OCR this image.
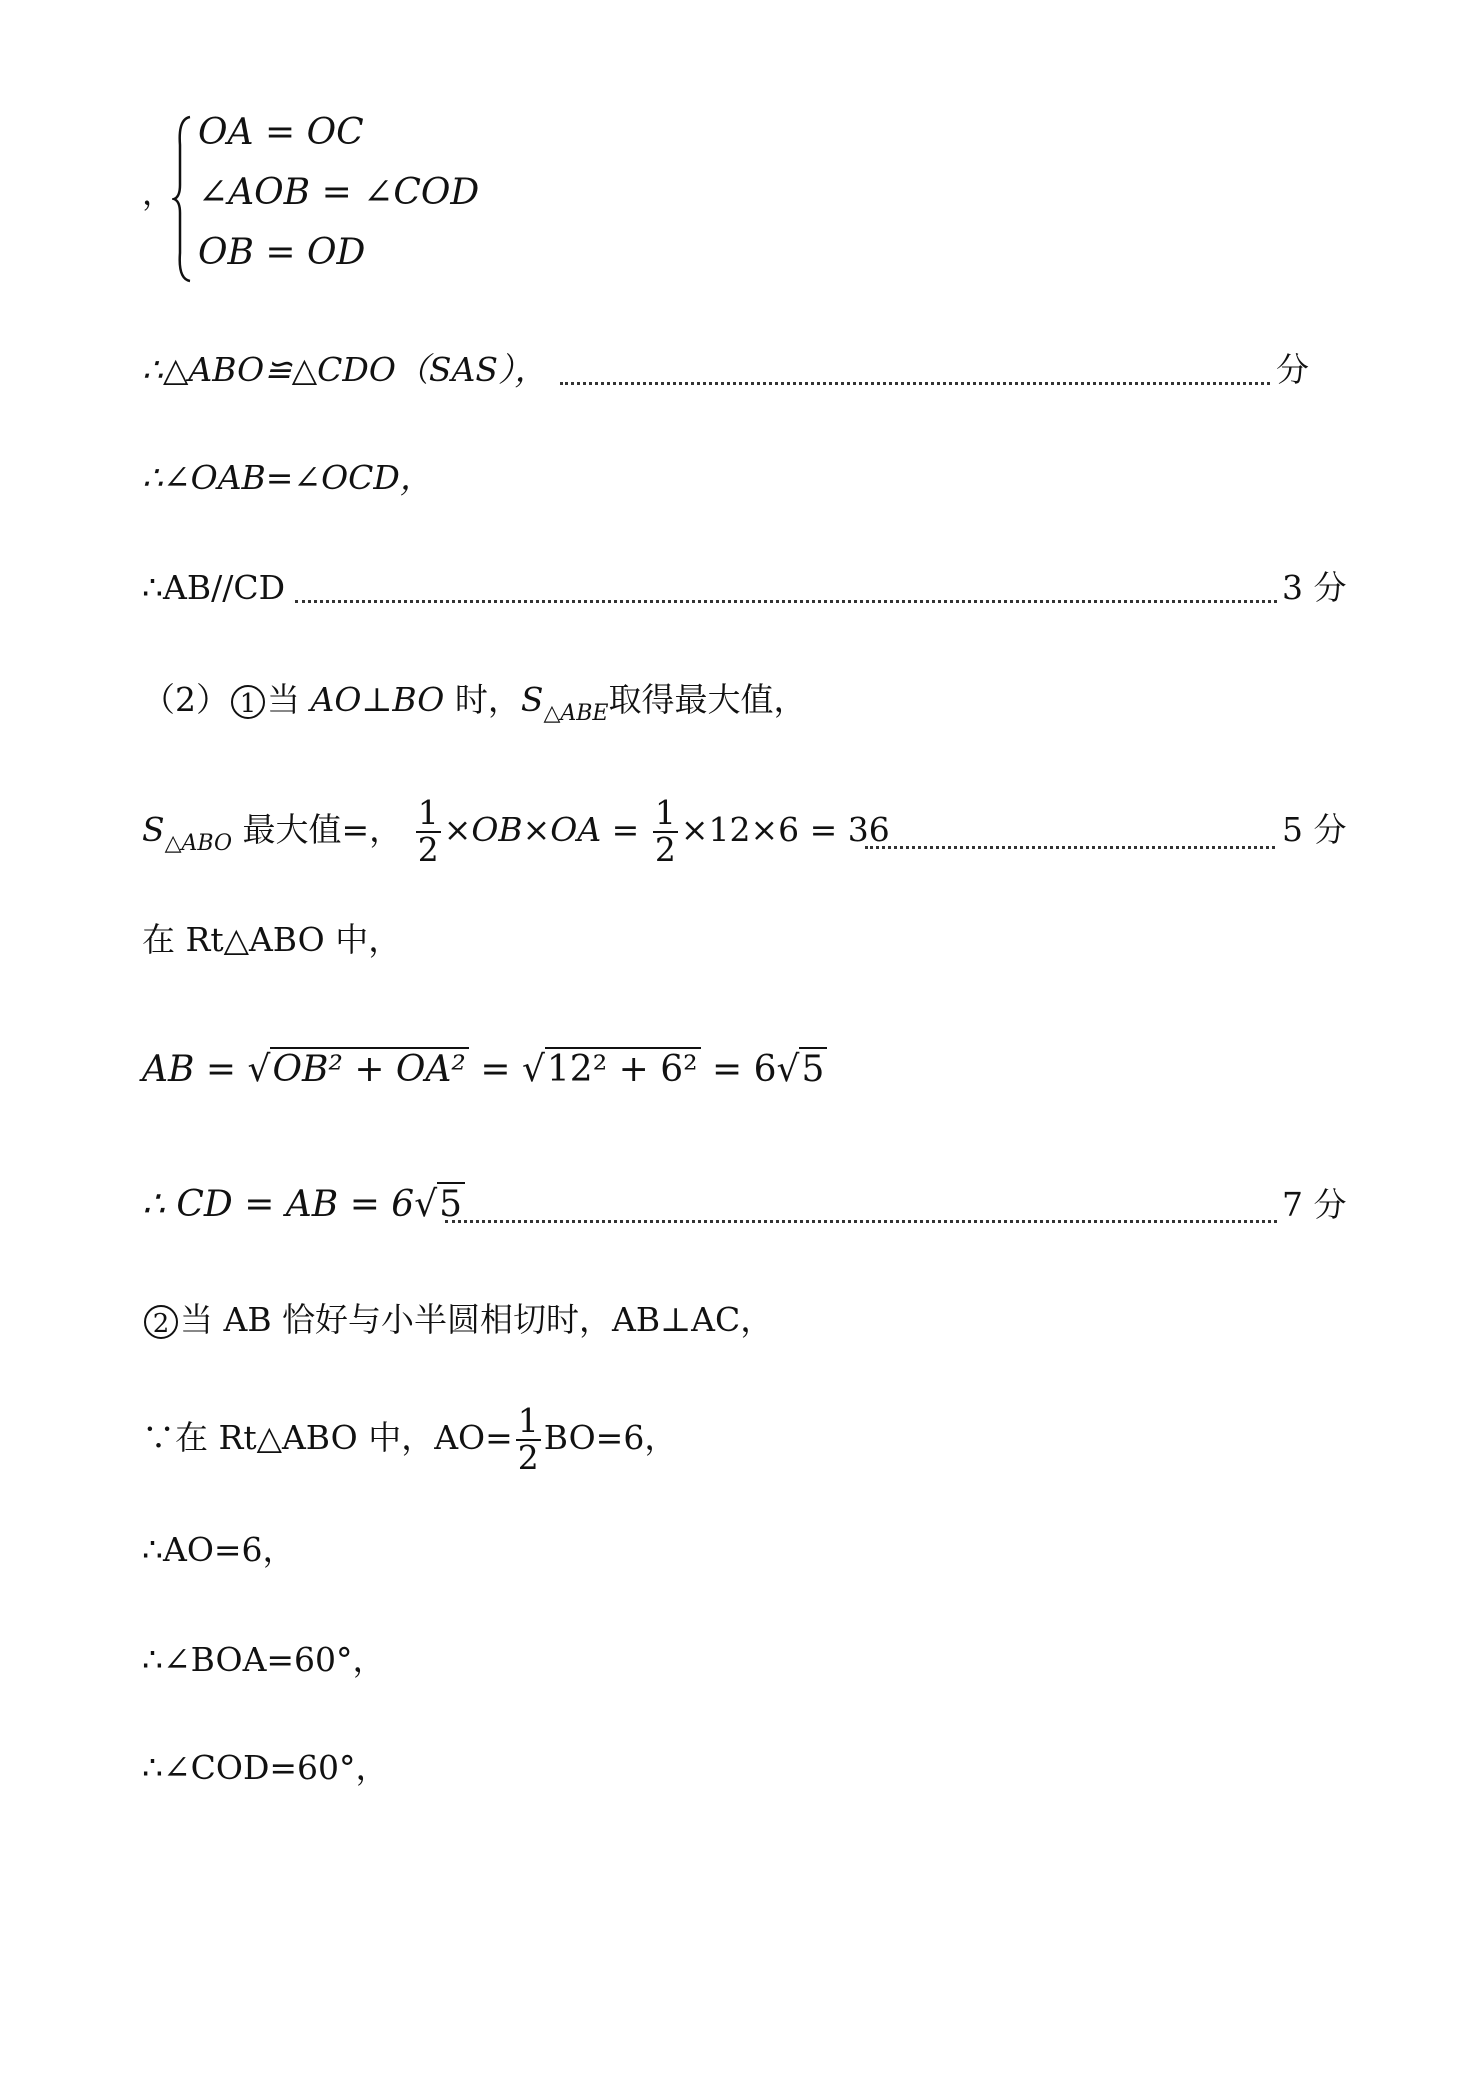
，
OA = OC
∠AOB = ∠COD
OB = OD
∴△ABO≌△CDO（SAS），	分
∴∠OAB=∠OCD，
∴AB//CD	3 分
（2） 1 当 AO⊥BO 时，$S_{\triangle ABE}$取得最大值，
$S_{\triangle ABO}$ 最大值=， $\frac{1}{2} \times OB\times OA = \frac{1}{2} \times 12\times 6 = 36$	5 分
在 Rt△ABO 中，
AB = √OB² + OA² = √12² + 6² = 6√5
∴ CD = AB = 6√5	7 分
2 当 AB 恰好与小半圆相切时，AB⊥AC，
∵在 Rt△ABO 中，$AO= \frac{1}{2} BO=6$，
∴AO=6，
∴∠BOA=60°，
∴∠COD=60°，
